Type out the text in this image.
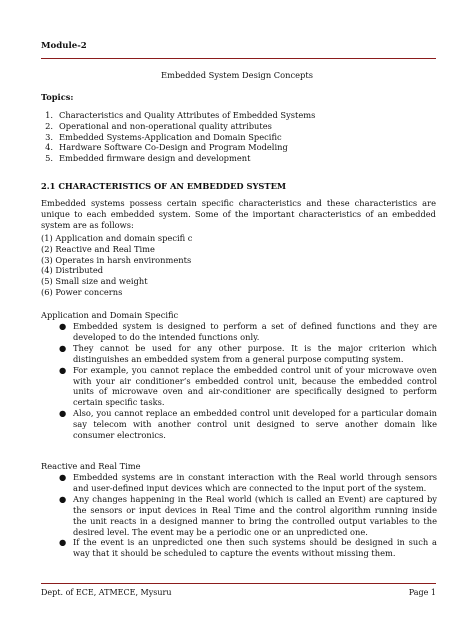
Module-2
Embedded System Design Concepts
Topics:
1. Characteristics and Quality Attributes of Embedded Systems
2. Operational and non-operational quality attributes
3. Embedded Systems-Application and Domain Specific
4. Hardware Software Co-Design and Program Modeling
5. Embedded firmware design and development
2.1 CHARACTERISTICS OF AN EMBEDDED SYSTEM
Embedded systems possess certain specific characteristics and these characteristics are unique to each embedded system. Some of the important characteristics of an embedded system are as follows:
(1) Application and domain specifi c
(2) Reactive and Real Time
(3) Operates in harsh environments
(4) Distributed
(5) Small size and weight
(6) Power concerns
Application and Domain Specific
● Embedded system is designed to perform a set of defined functions and they are developed to do the intended functions only.
● They cannot be used for any other purpose. It is the major criterion which distinguishes an embedded system from a general purpose computing system.
● For example, you cannot replace the embedded control unit of your microwave oven with your air conditioner’s embedded control unit, because the embedded control units of microwave oven and air-conditioner are specifically designed to perform certain specific tasks.
● Also, you cannot replace an embedded control unit developed for a particular domain say telecom with another control unit designed to serve another domain like consumer electronics.
Reactive and Real Time
● Embedded systems are in constant interaction with the Real world through sensors and user-defined input devices which are connected to the input port of the system.
● Any changes happening in the Real world (which is called an Event) are captured by the sensors or input devices in Real Time and the control algorithm running inside the unit reacts in a designed manner to bring the controlled output variables to the desired level. The event may be a periodic one or an unpredicted one.
● If the event is an unpredicted one then such systems should be designed in such a way that it should be scheduled to capture the events without missing them.
Dept. of ECE, ATMECE, Mysuru	Page 1
